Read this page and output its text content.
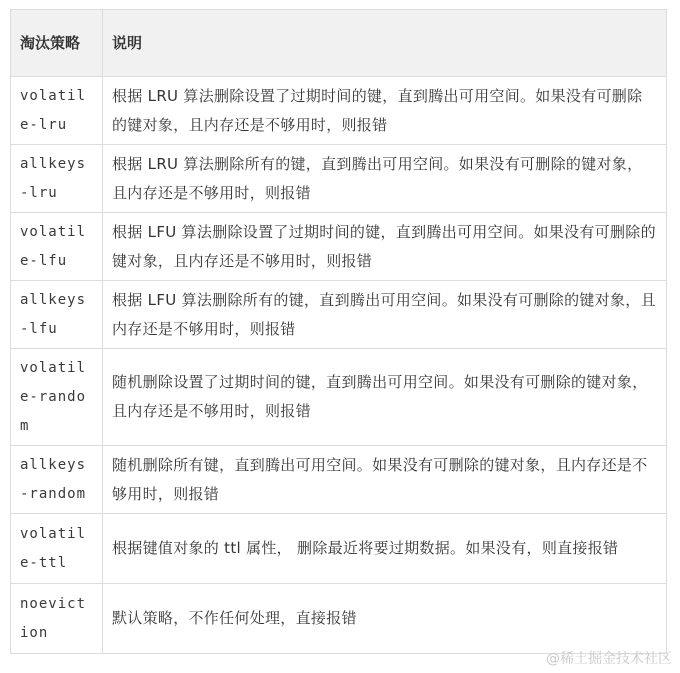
淘汰策略	说明
volatile-lru	根据 LRU 算法删除设置了过期时间的键，直到腾出可用空间。如果没有可删除的键对象，且内存还是不够用时，则报错
allkeys-lru	根据 LRU 算法删除所有的键，直到腾出可用空间。如果没有可删除的键对象，且内存还是不够用时，则报错
volatile-lfu	根据 LFU 算法删除设置了过期时间的键，直到腾出可用空间。如果没有可删除的键对象，且内存还是不够用时，则报错
allkeys-lfu	根据 LFU 算法删除所有的键，直到腾出可用空间。如果没有可删除的键对象，且内存还是不够用时，则报错
volatile-random	随机删除设置了过期时间的键，直到腾出可用空间。如果没有可删除的键对象，且内存还是不够用时，则报错
allkeys-random	随机删除所有键，直到腾出可用空间。如果没有可删除的键对象，且内存还是不够用时，则报错
volatile-ttl	根据键值对象的 ttl 属性， 删除最近将要过期数据。如果没有，则直接报错
noeviction	默认策略，不作任何处理，直接报错
@稀土掘金技术社区
